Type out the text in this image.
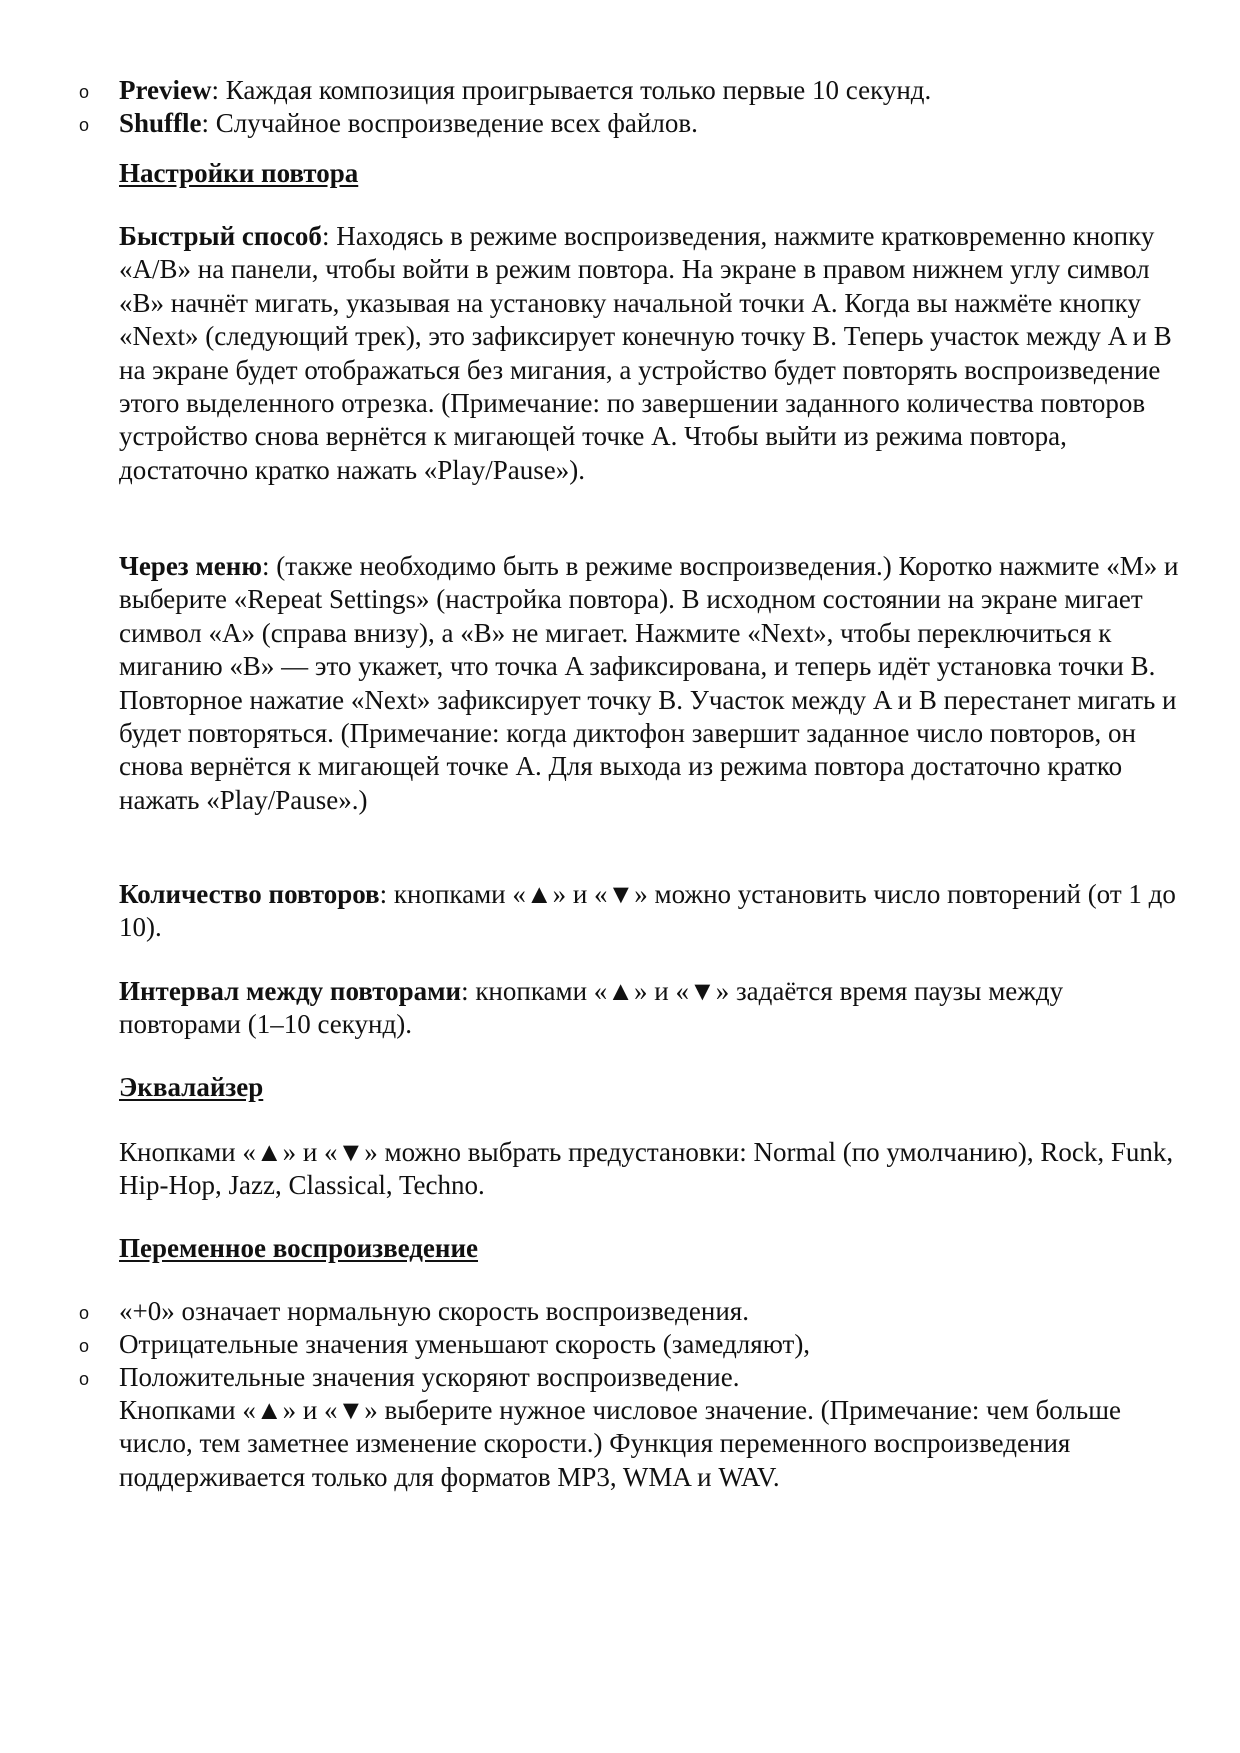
o Preview: Каждая композиция проигрывается только первые 10 секунд.

o Shuffle: Случайное воспроизведение всех файлов.

Настройки повтора

Быстрый способ: Находясь в режиме воспроизведения, нажмите кратковременно кнопку «A/B» на панели, чтобы войти в режим повтора. На экране в правом нижнем углу символ «B» начнёт мигать, указывая на установку начальной точки A. Когда вы нажмёте кнопку «Next» (следующий трек), это зафиксирует конечную точку B. Теперь участок между A и B на экране будет отображаться без мигания, а устройство будет повторять воспроизведение этого выделенного отрезка. (Примечание: по завершении заданного количества повторов устройство снова вернётся к мигающей точке A. Чтобы выйти из режима повтора, достаточно кратко нажать «Play/Pause»).

Через меню: (также необходимо быть в режиме воспроизведения.) Коротко нажмите «M» и выберите «Repeat Settings» (настройка повтора). В исходном состоянии на экране мигает символ «A» (справа внизу), а «B» не мигает. Нажмите «Next», чтобы переключиться к миганию «B» — это укажет, что точка A зафиксирована, и теперь идёт установка точки B. Повторное нажатие «Next» зафиксирует точку B. Участок между A и B перестанет мигать и будет повторяться. (Примечание: когда диктофон завершит заданное число повторов, он снова вернётся к мигающей точке A. Для выхода из режима повтора достаточно кратко нажать «Play/Pause».)

Количество повторов: кнопками «▲» и «▼» можно установить число повторений (от 1 до 10).

Интервал между повторами: кнопками «▲» и «▼» задаётся время паузы между повторами (1–10 секунд).

Эквалайзер

Кнопками «▲» и «▼» можно выбрать предустановки: Normal (по умолчанию), Rock, Funk, Hip-Hop, Jazz, Classical, Techno.

Переменное воспроизведение

o «+0» означает нормальную скорость воспроизведения.

o Отрицательные значения уменьшают скорость (замедляют),

o Положительные значения ускоряют воспроизведение.

Кнопками «▲» и «▼» выберите нужное числовое значение. (Примечание: чем больше число, тем заметнее изменение скорости.) Функция переменного воспроизведения поддерживается только для форматов MP3, WMA и WAV.
